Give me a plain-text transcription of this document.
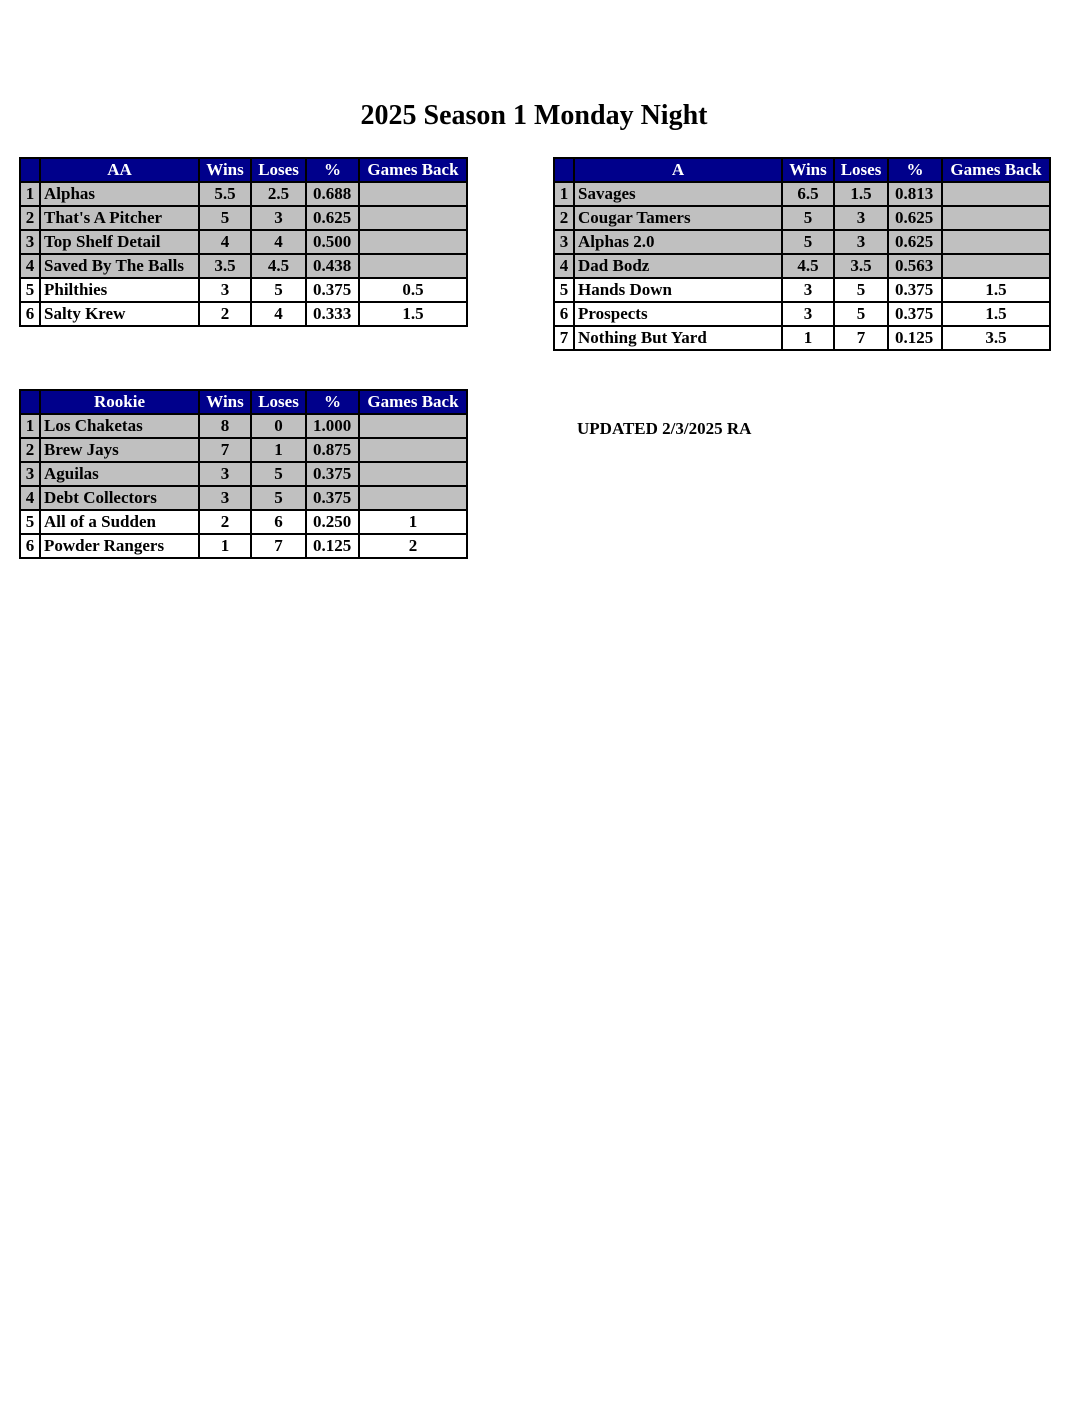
2025 Season 1 Monday Night
	AA	Wins	Loses	%	Games Back
1	Alphas	5.5	2.5	0.688	
2	That's A Pitcher	5	3	0.625	
3	Top Shelf Detail	4	4	0.500	
4	Saved By The Balls	3.5	4.5	0.438	
5	Philthies	3	5	0.375	0.5
6	Salty Krew	2	4	0.333	1.5
	A	Wins	Loses	%	Games Back
1	Savages	6.5	1.5	0.813	
2	Cougar Tamers	5	3	0.625	
3	Alphas 2.0	5	3	0.625	
4	Dad Bodz	4.5	3.5	0.563	
5	Hands Down	3	5	0.375	1.5
6	Prospects	3	5	0.375	1.5
7	Nothing But Yard	1	7	0.125	3.5
	Rookie	Wins	Loses	%	Games Back
1	Los Chaketas	8	0	1.000	
2	Brew Jays	7	1	0.875	
3	Aguilas	3	5	0.375	
4	Debt Collectors	3	5	0.375	
5	All of a Sudden	2	6	0.250	1
6	Powder Rangers	1	7	0.125	2
UPDATED 2/3/2025 RA
